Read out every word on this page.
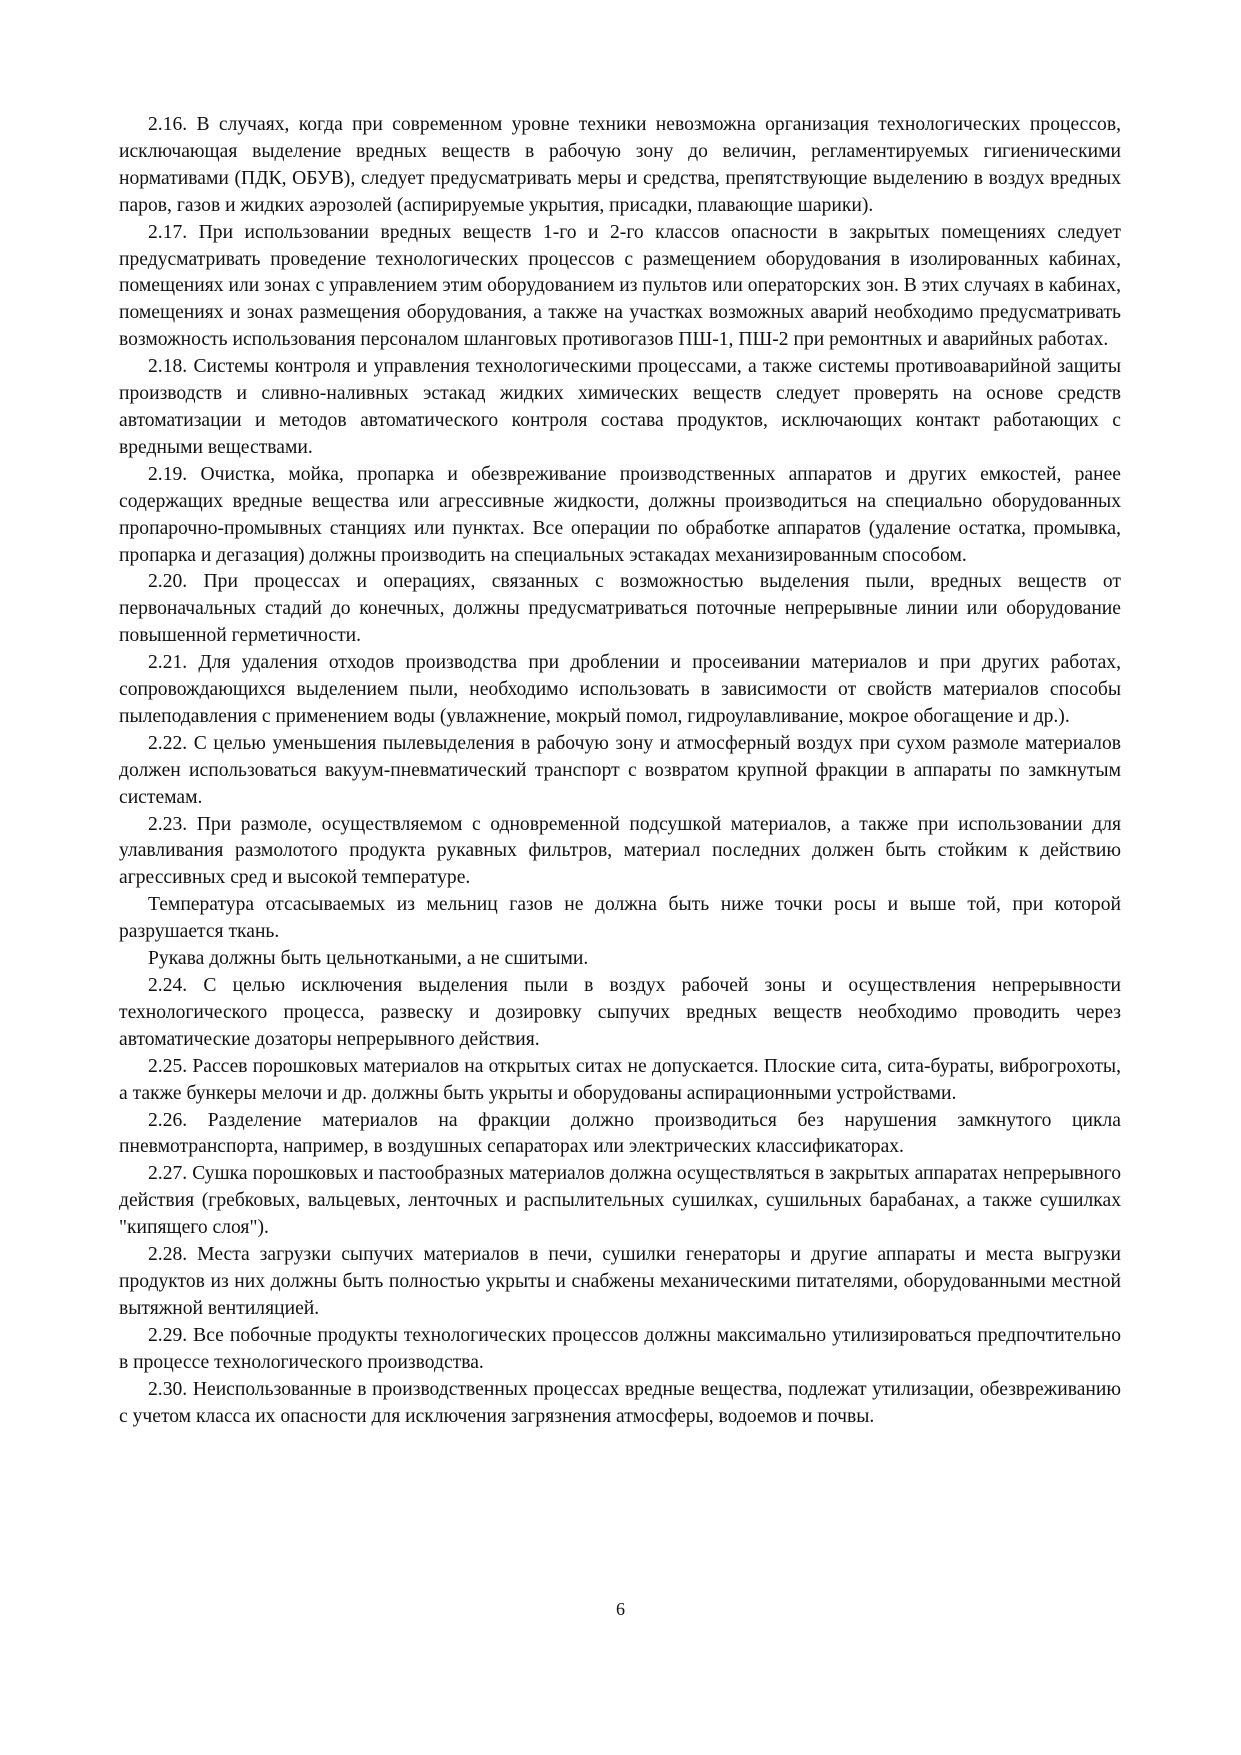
2.16. В случаях, когда при современном уровне техники невозможна организация технологических процессов, исключающая выделение вредных веществ в рабочую зону до величин, регламентируемых гигиеническими нормативами (ПДК, ОБУВ), следует предусматривать меры и средства, препятствующие выделению в воздух вредных паров, газов и жидких аэрозолей (аспирируемые укрытия, присадки, плавающие шарики).

2.17. При использовании вредных веществ 1-го и 2-го классов опасности в закрытых помещениях следует предусматривать проведение технологических процессов с размещением оборудования в изолированных кабинах, помещениях или зонах с управлением этим оборудованием из пультов или операторских зон. В этих случаях в кабинах, помещениях и зонах размещения оборудования, а также на участках возможных аварий необходимо предусматривать возможность использования персоналом шланговых противогазов ПШ-1, ПШ-2 при ремонтных и аварийных работах.

2.18. Системы контроля и управления технологическими процессами, а также системы противоаварийной защиты производств и сливно-наливных эстакад жидких химических веществ следует проверять на основе средств автоматизации и методов автоматического контроля состава продуктов, исключающих контакт работающих с вредными веществами.

2.19. Очистка, мойка, пропарка и обезвреживание производственных аппаратов и других емкостей, ранее содержащих вредные вещества или агрессивные жидкости, должны производиться на специально оборудованных пропарочно-промывных станциях или пунктах. Все операции по обработке аппаратов (удаление остатка, промывка, пропарка и дегазация) должны производить на специальных эстакадах механизированным способом.

2.20. При процессах и операциях, связанных с возможностью выделения пыли, вредных веществ от первоначальных стадий до конечных, должны предусматриваться поточные непрерывные линии или оборудование повышенной герметичности.

2.21. Для удаления отходов производства при дроблении и просеивании материалов и при других работах, сопровождающихся выделением пыли, необходимо использовать в зависимости от свойств материалов способы пылеподавления с применением воды (увлажнение, мокрый помол, гидроулавливание, мокрое обогащение и др.).

2.22. С целью уменьшения пылевыделения в рабочую зону и атмосферный воздух при сухом размоле материалов должен использоваться вакуум-пневматический транспорт с возвратом крупной фракции в аппараты по замкнутым системам.

2.23. При размоле, осуществляемом с одновременной подсушкой материалов, а также при использовании для улавливания размолотого продукта рукавных фильтров, материал последних должен быть стойким к действию агрессивных сред и высокой температуре.

Температура отсасываемых из мельниц газов не должна быть ниже точки росы и выше той, при которой разрушается ткань.

Рукава должны быть цельноткаными, а не сшитыми.

2.24. С целью исключения выделения пыли в воздух рабочей зоны и осуществления непрерывности технологического процесса, развеску и дозировку сыпучих вредных веществ необходимо проводить через автоматические дозаторы непрерывного действия.

2.25. Рассев порошковых материалов на открытых ситах не допускается. Плоские сита, сита-бураты, виброгрохоты, а также бункеры мелочи и др. должны быть укрыты и оборудованы аспирационными устройствами.

2.26. Разделение материалов на фракции должно производиться без нарушения замкнутого цикла пневмотранспорта, например, в воздушных сепараторах или электрических классификаторах.

2.27. Сушка порошковых и пастообразных материалов должна осуществляться в закрытых аппаратах непрерывного действия (гребковых, вальцевых, ленточных и распылительных сушилках, сушильных барабанах, а также сушилках "кипящего слоя").

2.28. Места загрузки сыпучих материалов в печи, сушилки генераторы и другие аппараты и места выгрузки продуктов из них должны быть полностью укрыты и снабжены механическими питателями, оборудованными местной вытяжной вентиляцией.

2.29. Все побочные продукты технологических процессов должны максимально утилизироваться предпочтительно в процессе технологического производства.

2.30. Неиспользованные в производственных процессах вредные вещества, подлежат утилизации, обезвреживанию с учетом класса их опасности для исключения загрязнения атмосферы, водоемов и почвы.

6
